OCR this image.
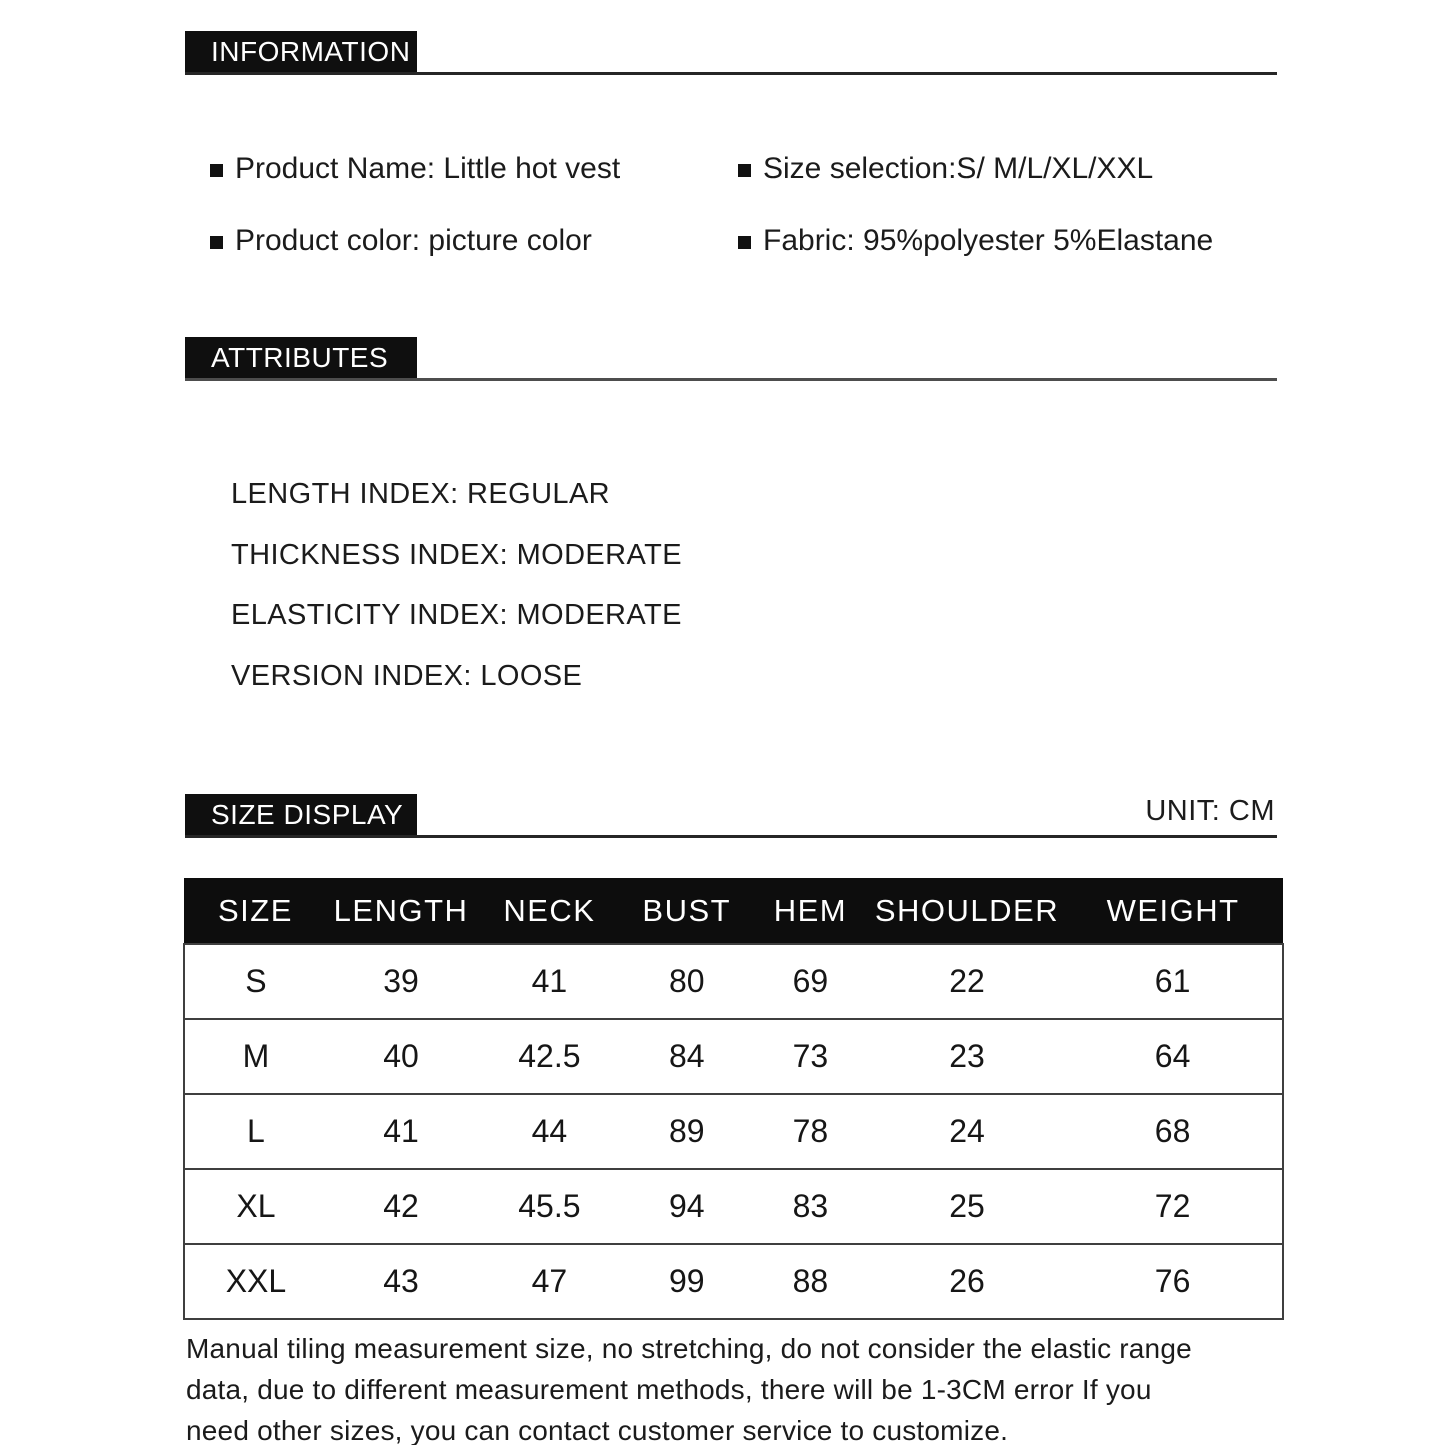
INFORMATION
Product Name: Little hot vest	Size selection:S/ M/L/XL/XXL
Product color: picture color	Fabric: 95%polyester 5%Elastane
ATTRIBUTES
LENGTH INDEX: REGULAR
THICKNESS INDEX: MODERATE
ELASTICITY INDEX: MODERATE
VERSION INDEX: LOOSE
SIZE DISPLAY	UNIT: CM
SIZE	LENGTH	NECK	BUST	HEM	SHOULDER	WEIGHT
S	39	41	80	69	22	61
M	40	42.5	84	73	23	64
L	41	44	89	78	24	68
XL	42	45.5	94	83	25	72
XXL	43	47	99	88	26	76
Manual tiling measurement size, no stretching, do not consider the elastic range
data, due to different measurement methods, there will be 1-3CM error If you
need other sizes, you can contact customer service to customize.
